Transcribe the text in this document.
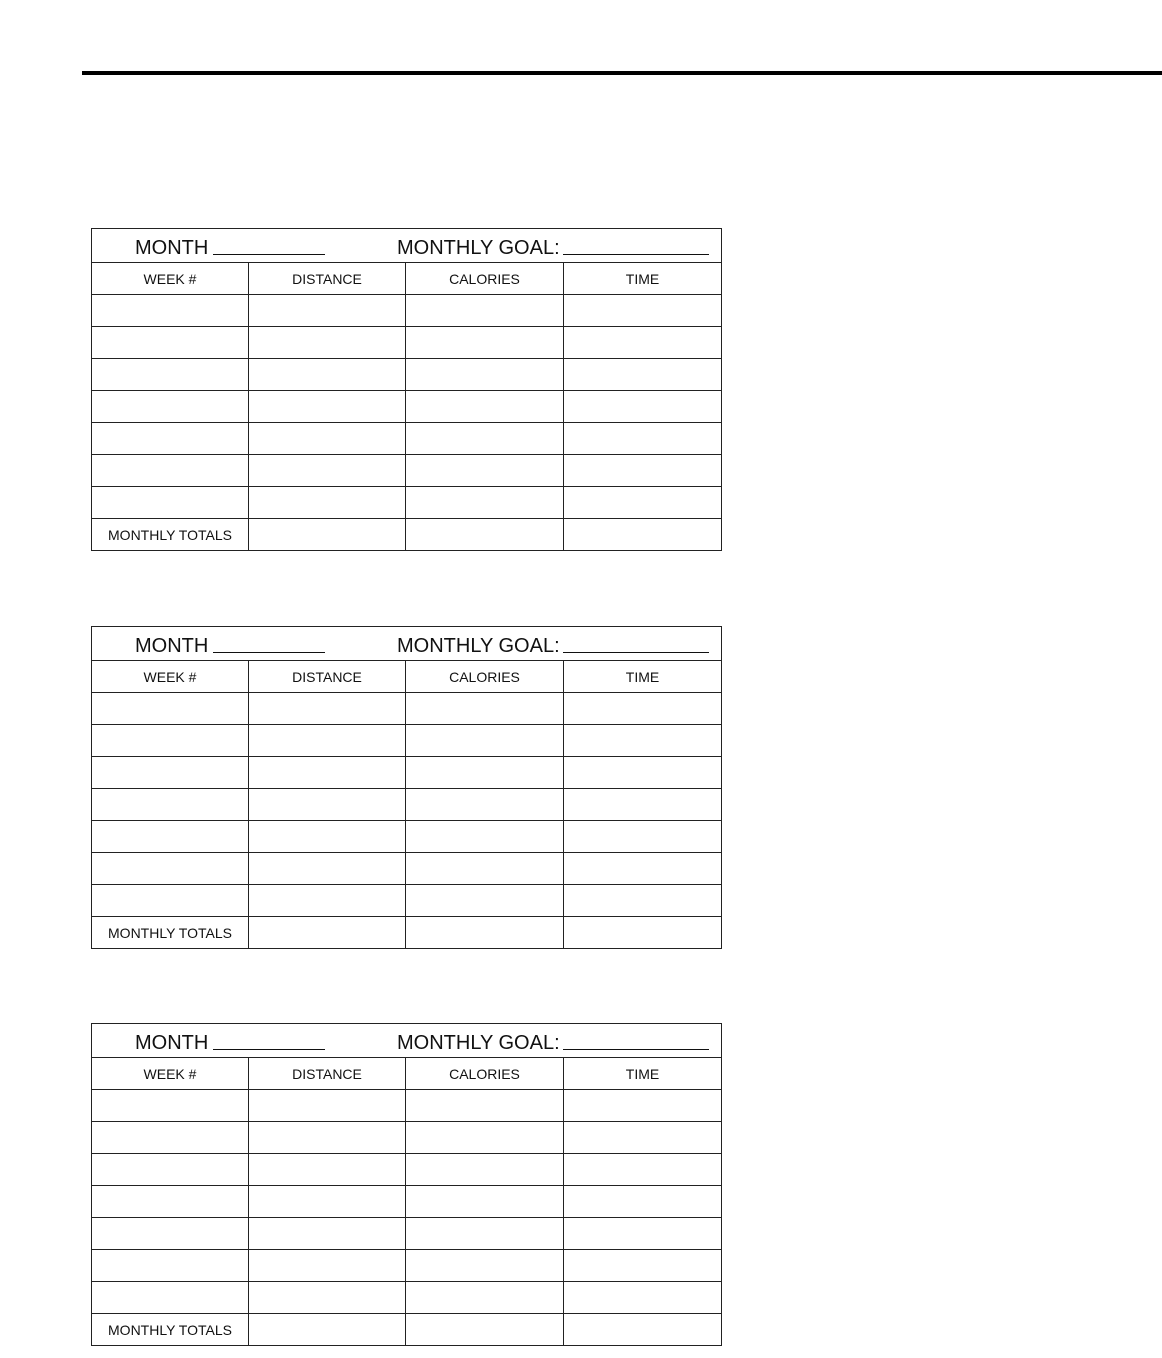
MONTH MONTHLY GOAL:			

WEEK #	DISTANCE	CALORIES	TIME

MONTHLY TOTALS			
MONTH MONTHLY GOAL:			

WEEK #	DISTANCE	CALORIES	TIME

MONTHLY TOTALS			
MONTH MONTHLY GOAL:			

WEEK #	DISTANCE	CALORIES	TIME

MONTHLY TOTALS			
